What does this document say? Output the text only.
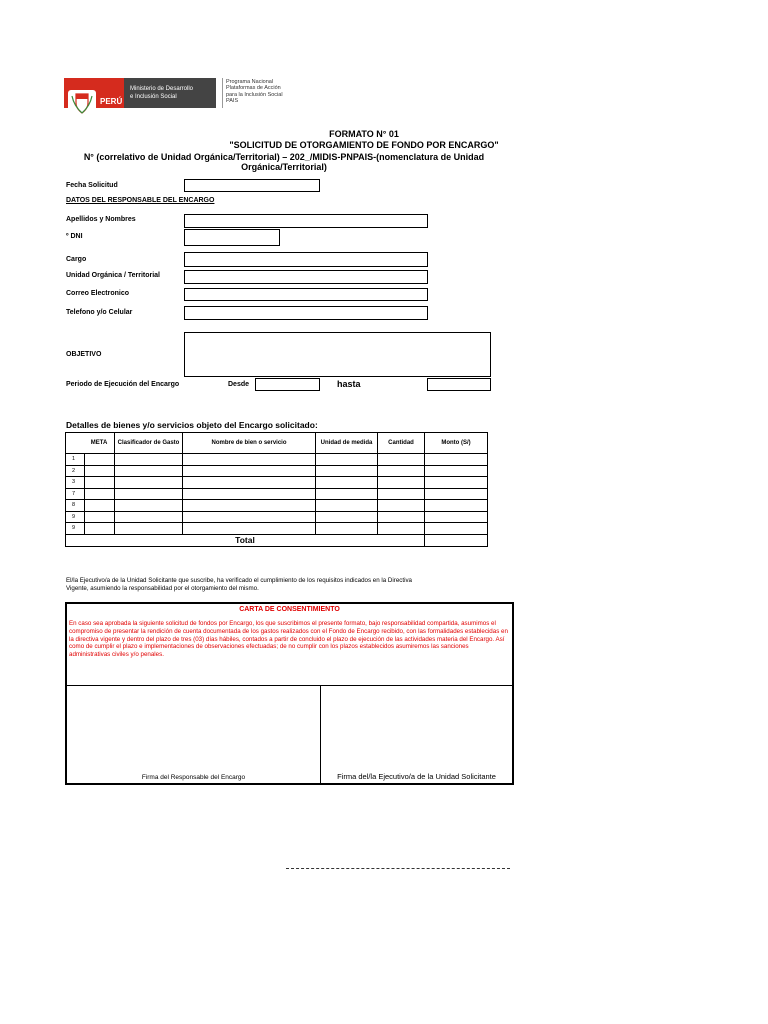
PERÚ
Ministerio de Desarrollo
e Inclusión Social
Programa Nacional
Plataformas de Acción
para la Inclusión Social
PAIS
FORMATO N° 01
"SOLICITUD DE OTORGAMIENTO DE FONDO POR ENCARGO"
N° (correlativo de Unidad Orgánica/Territorial) – 202_/MIDIS-PNPAIS-(nomenclatura de Unidad
Orgánica/Territorial)
Fecha Solicitud
DATOS DEL RESPONSABLE DEL ENCARGO
Apellidos y Nombres
º DNI
Cargo
Unidad Orgánica / Territorial
Correo Electronico
Telefono y/o Celular
OBJETIVO
Periodo de Ejecución del Encargo	Desde	hasta
Detalles de bienes y/o servicios objeto del Encargo solicitado:
	META	Clasificador de Gasto	Nombre de bien o servicio	Unidad de medida	Cantidad	Monto (S/)
1						
2						
3						
7						
8						
9						
9						
Total						
El/la Ejecutivo/a de la Unidad Solicitante que suscribe, ha verificado el cumplimiento de los requisitos indicados en la Directiva
Vigente, asumiendo la responsabilidad por el otorgamiento del mismo.
CARTA DE CONSENTIMIENTO
En caso sea aprobada la siguiente solicitud de fondos por Encargo, los que suscribimos el presente formato, bajo responsabilidad compartida, asumimos el compromiso de presentar la rendición de cuenta documentada de los gastos realizados con el Fondo de Encargo recibido, con las formalidades establecidas en la directiva vigente y dentro del plazo de tres (03) días hábiles, contados a partir de concluido el plazo de ejecución de las actividades materia del Encargo. Así como de cumplir el plazo e implementaciones de observaciones efectuadas; de no cumplir con los plazos establecidos asumiremos las sanciones administrativas civiles y/o penales.
Firma del Responsable del Encargo	Firma del/la Ejecutivo/a de la Unidad Solicitante
